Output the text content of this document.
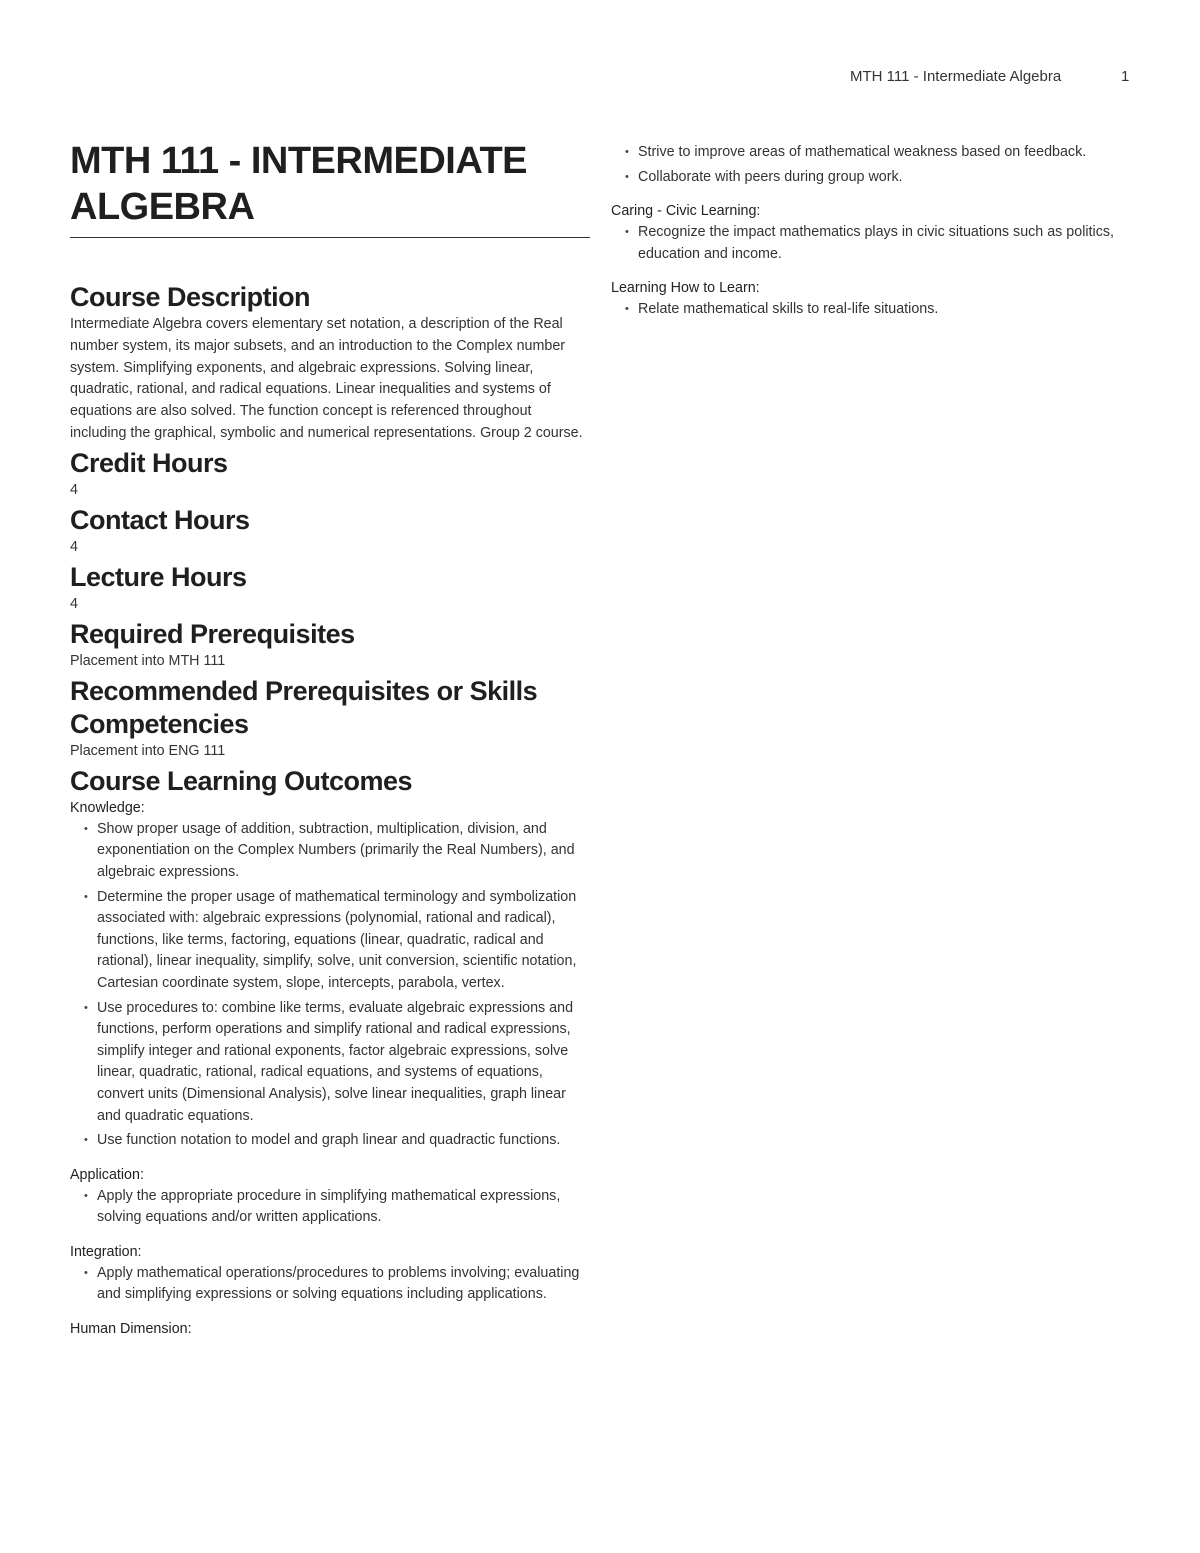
MTH 111 - Intermediate Algebra	1
MTH 111 - INTERMEDIATE ALGEBRA
Course Description

Intermediate Algebra covers elementary set notation, a description of the Real number system, its major subsets, and an introduction to the Complex number system. Simplifying exponents, and algebraic expressions. Solving linear, quadratic, rational, and radical equations. Linear inequalities and systems of equations are also solved. The function concept is referenced throughout including the graphical, symbolic and numerical representations. Group 2 course.

Credit Hours

4

Contact Hours

4

Lecture Hours

4

Required Prerequisites

Placement into MTH 111

Recommended Prerequisites or Skills Competencies

Placement into ENG 111

Course Learning Outcomes

Knowledge:

• Show proper usage of addition, subtraction, multiplication, division, and exponentiation on the Complex Numbers (primarily the Real Numbers), and algebraic expressions.
• Determine the proper usage of mathematical terminology and symbolization associated with: algebraic expressions (polynomial, rational and radical), functions, like terms, factoring, equations (linear, quadratic, radical and rational), linear inequality, simplify, solve, unit conversion, scientific notation, Cartesian coordinate system, slope, intercepts, parabola, vertex.
• Use procedures to: combine like terms, evaluate algebraic expressions and functions, perform operations and simplify rational and radical expressions, simplify integer and rational exponents, factor algebraic expressions, solve linear, quadratic, rational, radical equations, and systems of equations, convert units (Dimensional Analysis), solve linear inequalities, graph linear and quadratic equations.
• Use function notation to model and graph linear and quadractic functions.

Application:

• Apply the appropriate procedure in simplifying mathematical expressions, solving equations and/or written applications.

Integration:

• Apply mathematical operations/procedures to problems involving; evaluating and simplifying expressions or solving equations including applications.

Human Dimension:

• Strive to improve areas of mathematical weakness based on feedback.
• Collaborate with peers during group work.

Caring - Civic Learning:

• Recognize the impact mathematics plays in civic situations such as politics, education and income.

Learning How to Learn:

• Relate mathematical skills to real-life situations.
